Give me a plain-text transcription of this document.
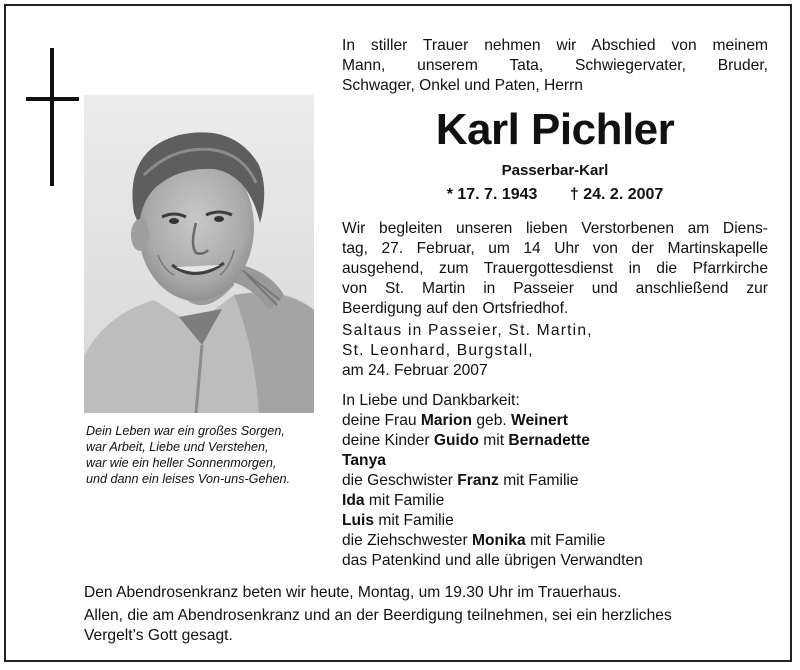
Dein Leben war ein großes Sorgen,
war Arbeit, Liebe und Verstehen,
war wie ein heller Sonnenmorgen,
und dann ein leises Von-uns-Gehen.
In stiller Trauer nehmen wir Abschied von meinem
Mann, unserem Tata, Schwiegervater, Bruder,
Schwager, Onkel und Paten, Herrn
Karl Pichler
Passerbar-Karl
* 17. 7. 1943 † 24. 2. 2007
Wir begleiten unseren lieben Verstorbenen am Diens-
tag, 27. Februar, um 14 Uhr von der Martinskapelle
ausgehend, zum Trauergottesdienst in die Pfarrkirche
von St. Martin in Passeier und anschließend zur
Beerdigung auf den Ortsfriedhof.
Saltaus in Passeier, St. Martin,
St. Leonhard, Burgstall,
am 24. Februar 2007
In Liebe und Dankbarkeit:
deine Frau Marion geb. Weinert
deine Kinder Guido mit Bernadette
Tanya
die Geschwister Franz mit Familie
Ida mit Familie
Luis mit Familie
die Ziehschwester Monika mit Familie
das Patenkind und alle übrigen Verwandten
Den Abendrosenkranz beten wir heute, Montag, um 19.30 Uhr im Trauerhaus.
Allen, die am Abendrosenkranz und an der Beerdigung teilnehmen, sei ein herzliches
Vergelt’s Gott gesagt.
